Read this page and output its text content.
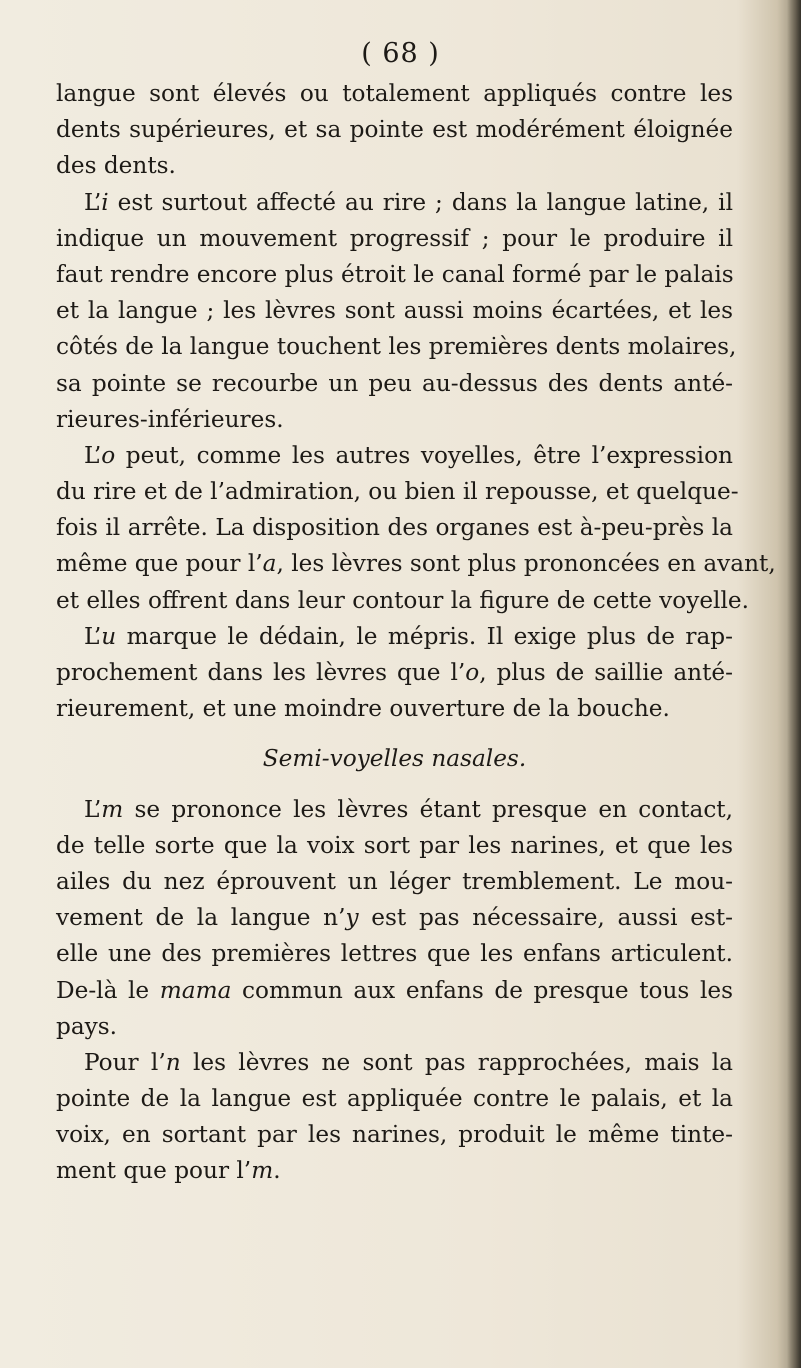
( 68 )
langue sont élevés ou totalement appliqués contre les
dents supérieures, et sa pointe est modérément éloignée
des dents.
L’i est surtout affecté au rire ; dans la langue latine, il
indique un mouvement progressif ; pour le produire il
faut rendre encore plus étroit le canal formé par le palais
et la langue ; les lèvres sont aussi moins écartées, et les
côtés de la langue touchent les premières dents molaires,
sa pointe se recourbe un peu au-dessus des dents anté-
rieures-inférieures.
L’o peut, comme les autres voyelles, être l’expression
du rire et de l’admiration, ou bien il repousse, et quelque-
fois il arrête. La disposition des organes est à-peu-près la
même que pour l’a, les lèvres sont plus prononcées en avant,
et elles offrent dans leur contour la figure de cette voyelle.
L’u marque le dédain, le mépris. Il exige plus de rap-
prochement dans les lèvres que l’o, plus de saillie anté-
rieurement, et une moindre ouverture de la bouche.
Semi-voyelles nasales.
L’m se prononce les lèvres étant presque en contact,
de telle sorte que la voix sort par les narines, et que les
ailes du nez éprouvent un léger tremblement. Le mou-
vement de la langue n’y est pas nécessaire, aussi est-
elle une des premières lettres que les enfans articulent.
De-là le mama commun aux enfans de presque tous les
pays.
Pour l’n les lèvres ne sont pas rapprochées, mais la
pointe de la langue est appliquée contre le palais, et la
voix, en sortant par les narines, produit le même tinte-
ment que pour l’m.
